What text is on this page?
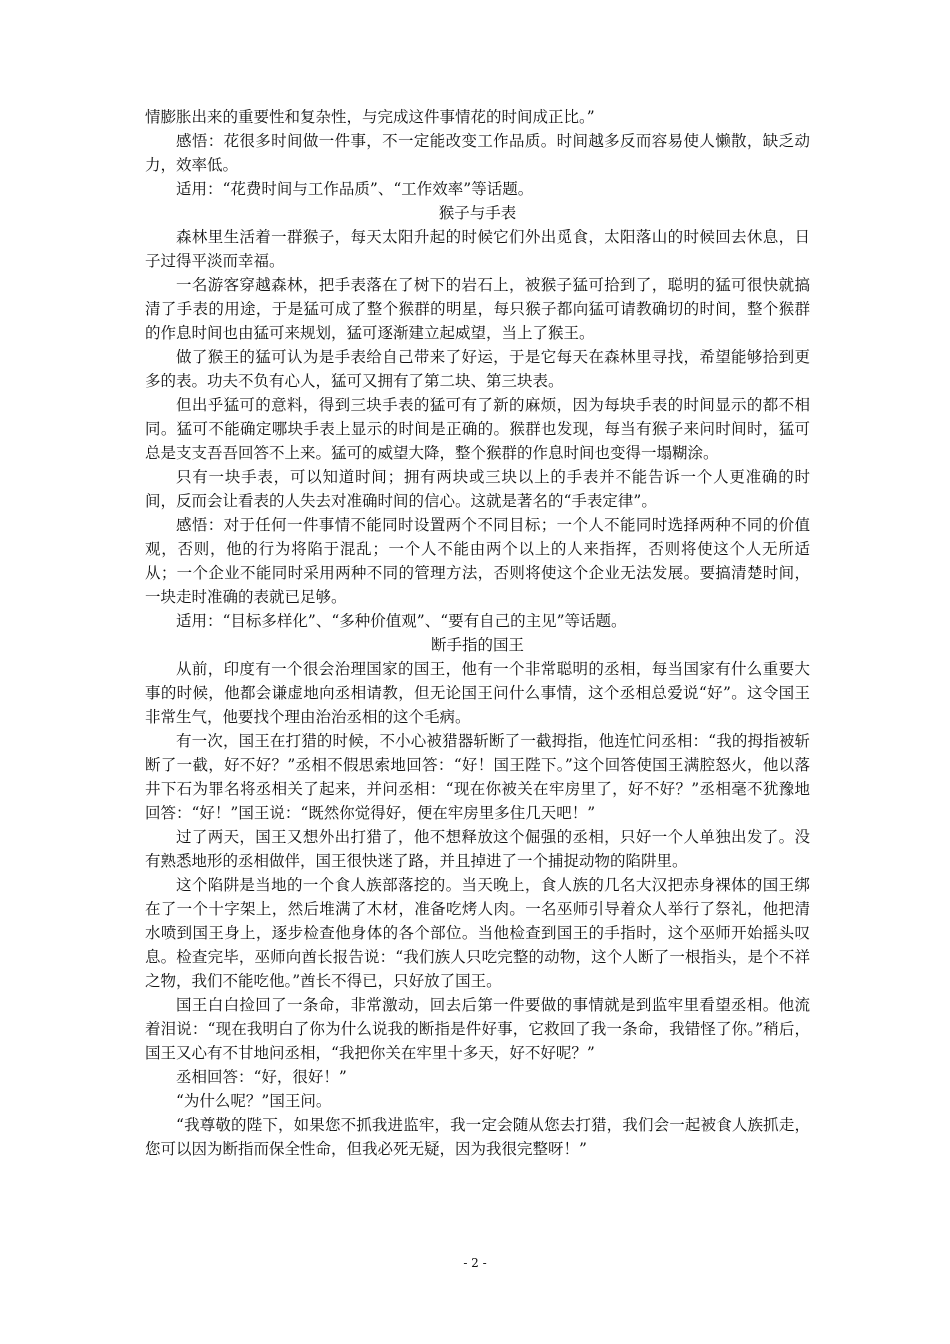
情膨胀出来的重要性和复杂性，与完成这件事情花的时间成正比。”

感悟：花很多时间做一件事，不一定能改变工作品质。时间越多反而容易使人懒散，缺乏动力，效率低。

适用：“花费时间与工作品质”、“工作效率”等话题。

猴子与手表

森林里生活着一群猴子，每天太阳升起的时候它们外出觅食，太阳落山的时候回去休息，日子过得平淡而幸福。

一名游客穿越森林，把手表落在了树下的岩石上，被猴子猛可拾到了，聪明的猛可很快就搞清了手表的用途，于是猛可成了整个猴群的明星，每只猴子都向猛可请教确切的时间，整个猴群的作息时间也由猛可来规划，猛可逐渐建立起威望，当上了猴王。

做了猴王的猛可认为是手表给自己带来了好运，于是它每天在森林里寻找，希望能够拾到更多的表。功夫不负有心人，猛可又拥有了第二块、第三块表。

但出乎猛可的意料，得到三块手表的猛可有了新的麻烦，因为每块手表的时间显示的都不相同。猛可不能确定哪块手表上显示的时间是正确的。猴群也发现，每当有猴子来问时间时，猛可总是支支吾吾回答不上来。猛可的威望大降，整个猴群的作息时间也变得一塌糊涂。

只有一块手表，可以知道时间；拥有两块或三块以上的手表并不能告诉一个人更准确的时间，反而会让看表的人失去对准确时间的信心。这就是著名的“手表定律”。

感悟：对于任何一件事情不能同时设置两个不同目标；一个人不能同时选择两种不同的价值观，否则，他的行为将陷于混乱；一个人不能由两个以上的人来指挥，否则将使这个人无所适从；一个企业不能同时采用两种不同的管理方法，否则将使这个企业无法发展。要搞清楚时间，一块走时准确的表就已足够。

适用：“目标多样化”、“多种价值观”、“要有自己的主见”等话题。

断手指的国王

从前，印度有一个很会治理国家的国王，他有一个非常聪明的丞相，每当国家有什么重要大事的时候，他都会谦虚地向丞相请教，但无论国王问什么事情，这个丞相总爱说“好”。这令国王非常生气，他要找个理由治治丞相的这个毛病。

有一次，国王在打猎的时候，不小心被猎器斩断了一截拇指，他连忙问丞相：“我的拇指被斩断了一截，好不好？”丞相不假思索地回答：“好！国王陛下。”这个回答使国王满腔怒火，他以落井下石为罪名将丞相关了起来，并问丞相：“现在你被关在牢房里了，好不好？”丞相毫不犹豫地回答：“好！”国王说：“既然你觉得好，便在牢房里多住几天吧！”

过了两天，国王又想外出打猎了，他不想释放这个倔强的丞相，只好一个人单独出发了。没有熟悉地形的丞相做伴，国王很快迷了路，并且掉进了一个捕捉动物的陷阱里。

这个陷阱是当地的一个食人族部落挖的。当天晚上，食人族的几名大汉把赤身裸体的国王绑在了一个十字架上，然后堆满了木材，准备吃烤人肉。一名巫师引导着众人举行了祭礼，他把清水喷到国王身上，逐步检查他身体的各个部位。当他检查到国王的手指时，这个巫师开始摇头叹息。检查完毕，巫师向酋长报告说：“我们族人只吃完整的动物，这个人断了一根指头，是个不祥之物，我们不能吃他。”酋长不得已，只好放了国王。

国王白白捡回了一条命，非常激动，回去后第一件要做的事情就是到监牢里看望丞相。他流着泪说：“现在我明白了你为什么说我的断指是件好事，它救回了我一条命，我错怪了你。”稍后，国王又心有不甘地问丞相，“我把你关在牢里十多天，好不好呢？”

丞相回答：“好，很好！”

“为什么呢？”国王问。

“我尊敬的陛下，如果您不抓我进监牢，我一定会随从您去打猎，我们会一起被食人族抓走，您可以因为断指而保全性命，但我必死无疑，因为我很完整呀！”

- 2 -
